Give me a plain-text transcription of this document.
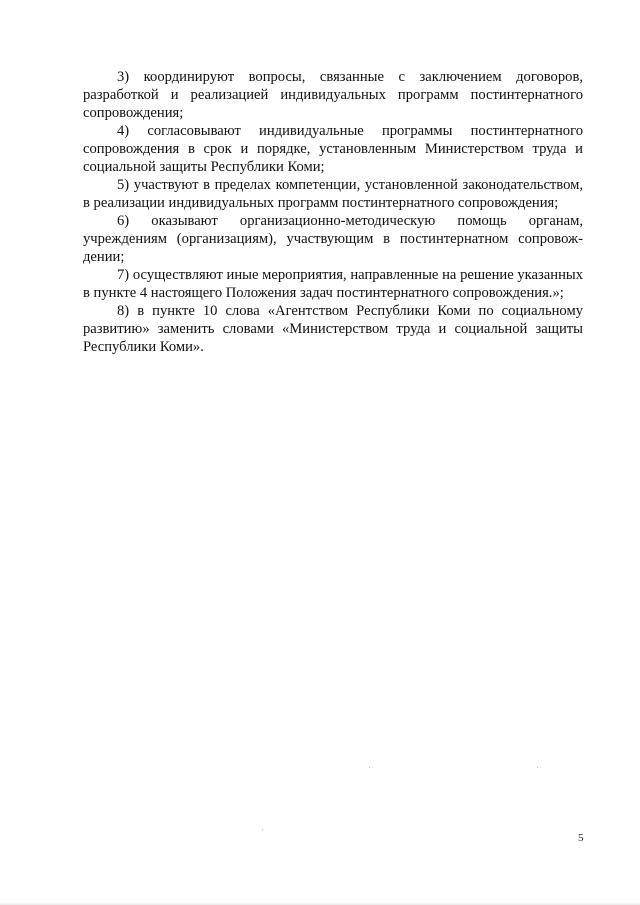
3) координируют вопросы, связанные с заключением договоров, разработкой и реализацией индивидуальных программ постинтернатного сопровождения;

4) согласовывают индивидуальные программы постинтернатного сопровождения в срок и порядке, установленным Министерством труда и социальной защиты Республики Коми;

5) участвуют в пределах компетенции, установленной законодательством, в реализации индивидуальных программ постинтернатного сопровождения;

6) оказывают организационно-методическую помощь органам, учреждениям (организациям), участвующим в постинтернатном сопровождении;

7) осуществляют иные мероприятия, направленные на решение указанных в пункте 4 настоящего Положения задач постинтернатного сопровождения.»;

8) в пункте 10 слова «Агентством Республики Коми по социальному развитию» заменить словами «Министерством труда и социальной защиты Республики Коми».

5
